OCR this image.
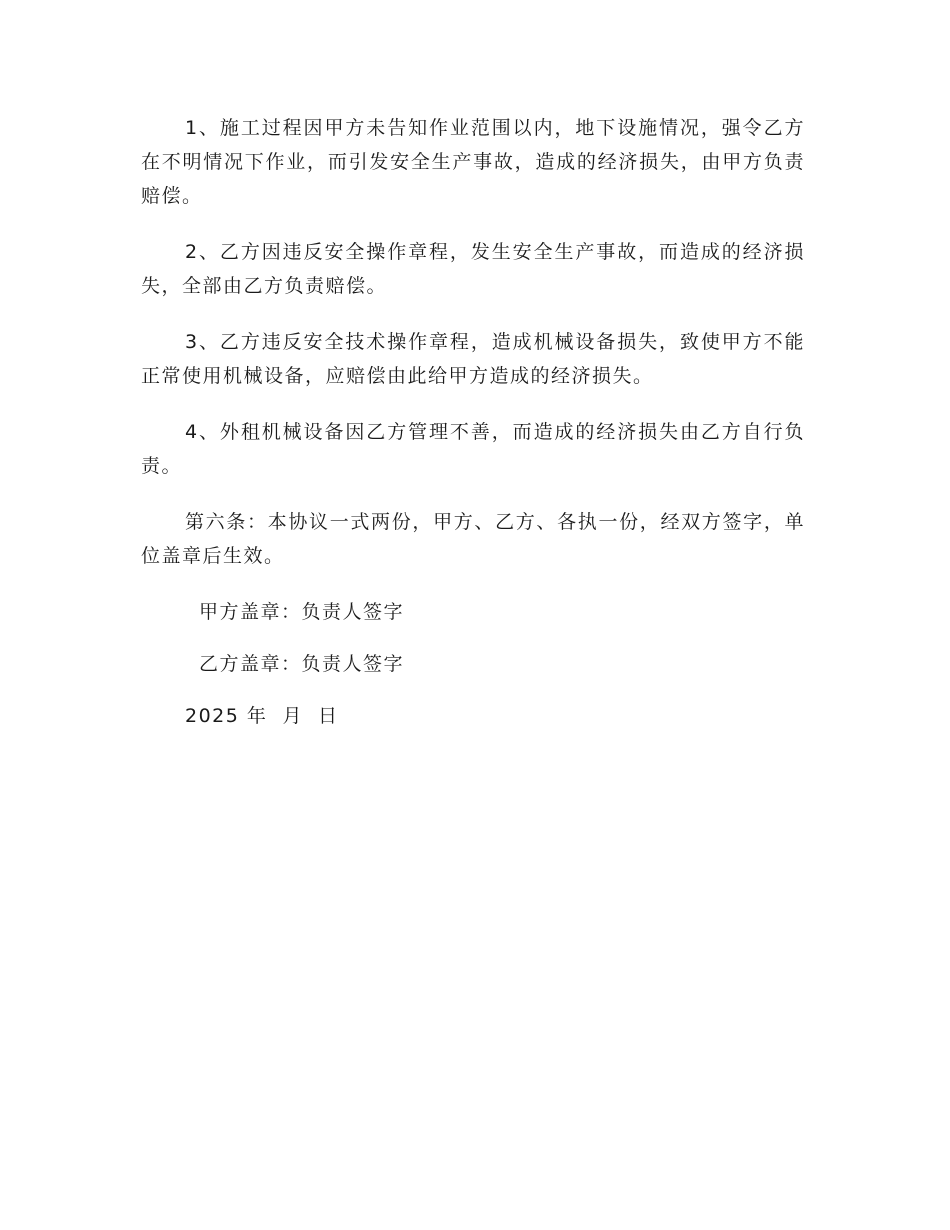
1、施工过程因甲方未告知作业范围以内，地下设施情况，强令乙方在不明情况下作业，而引发安全生产事故，造成的经济损失，由甲方负责赔偿。

2、乙方因违反安全操作章程，发生安全生产事故，而造成的经济损失，全部由乙方负责赔偿。

3、乙方违反安全技术操作章程，造成机械设备损失，致使甲方不能正常使用机械设备，应赔偿由此给甲方造成的经济损失。

4、外租机械设备因乙方管理不善，而造成的经济损失由乙方自行负责。

第六条：本协议一式两份，甲方、乙方、各执一份，经双方签字，单位盖章后生效。

甲方盖章：负责人签字

乙方盖章：负责人签字

2025 年  月  日
